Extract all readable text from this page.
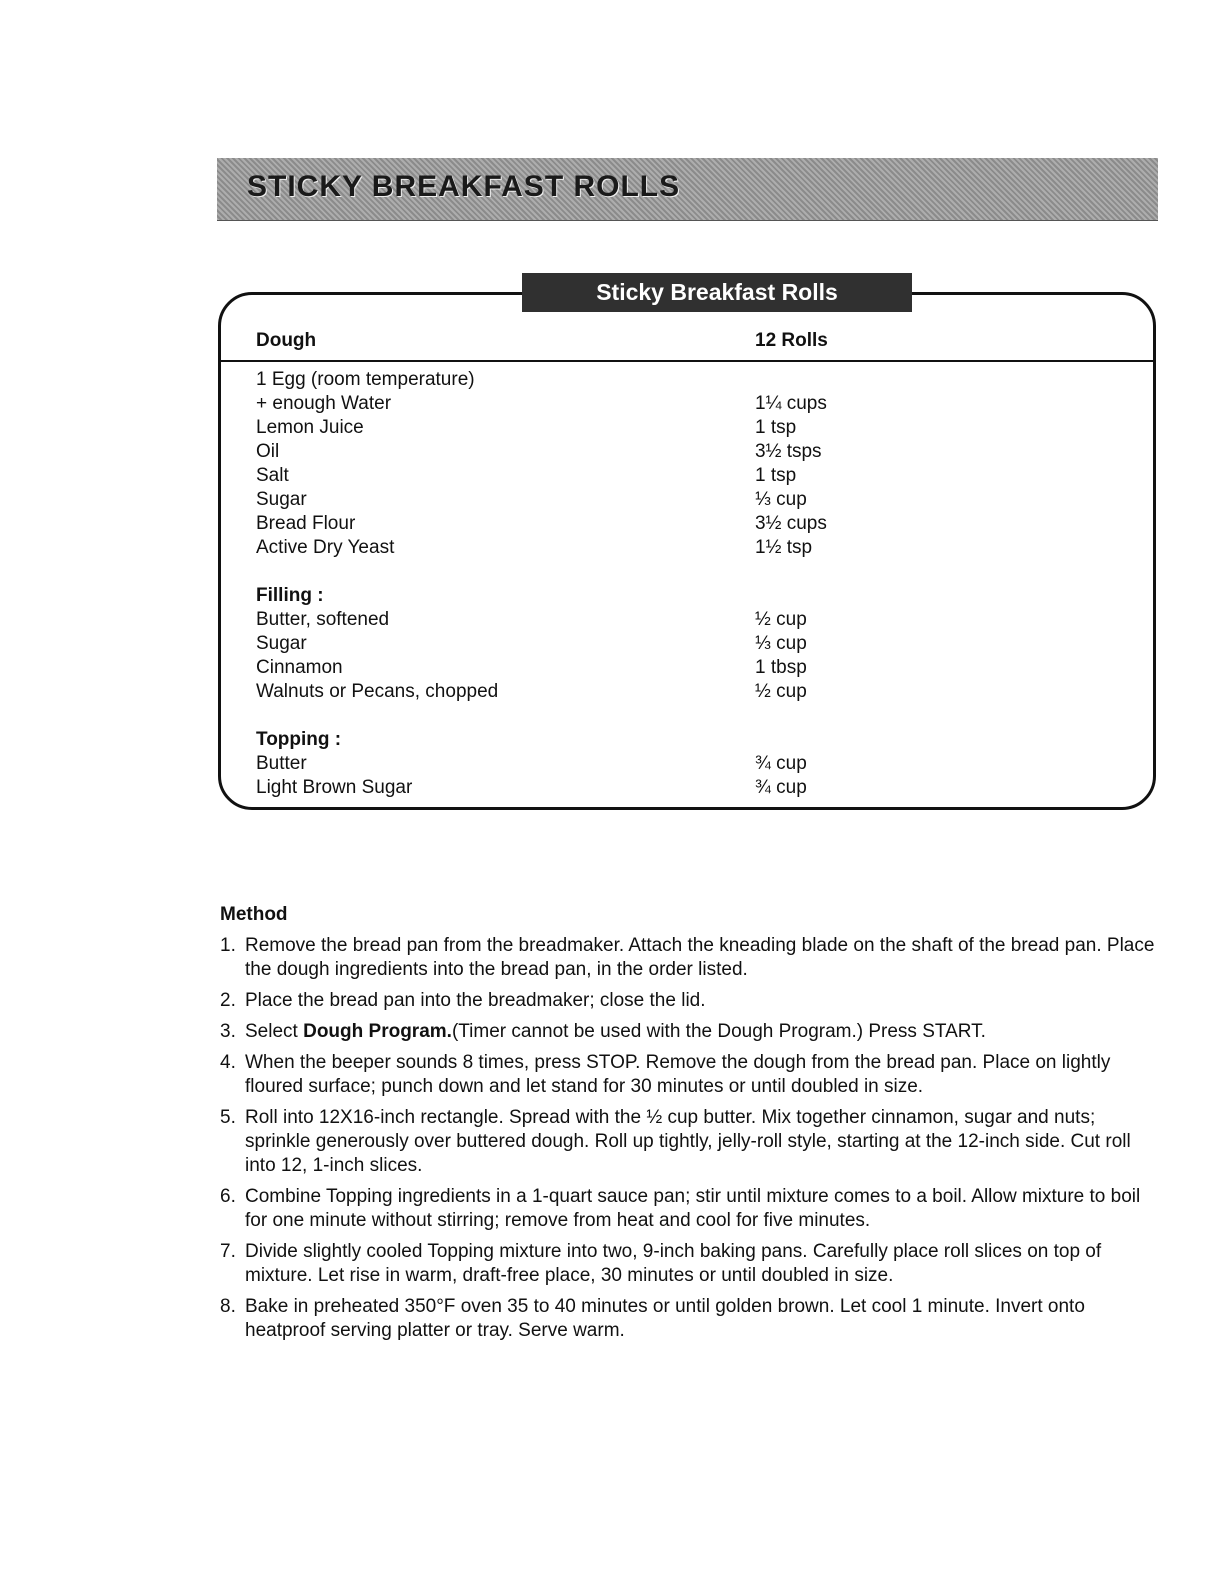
STICKY BREAKFAST ROLLS
Sticky Breakfast Rolls
Dough	12 Rolls
1 Egg (room temperature)
+ enough Water	1¼ cups
Lemon Juice	1 tsp
Oil	3½ tsps
Salt	1 tsp
Sugar	⅓ cup
Bread Flour	3½ cups
Active Dry Yeast	1½ tsp
Filling :
Butter, softened	½ cup
Sugar	⅓ cup
Cinnamon	1 tbsp
Walnuts or Pecans, chopped	½ cup
Topping :
Butter	¾ cup
Light Brown Sugar	¾ cup
Method
1. Remove the bread pan from the breadmaker. Attach the kneading blade on the shaft of the bread pan. Place the dough ingredients into the bread pan, in the order listed.
2. Place the bread pan into the breadmaker; close the lid.
3. Select Dough Program.(Timer cannot be used with the Dough Program.) Press START.
4. When the beeper sounds 8 times, press STOP. Remove the dough from the bread pan. Place on lightly floured surface; punch down and let stand for 30 minutes or until doubled in size.
5. Roll into 12X16-inch rectangle. Spread with the ½ cup butter. Mix together cinnamon, sugar and nuts; sprinkle generously over buttered dough. Roll up tightly, jelly-roll style, starting at the 12-inch side. Cut roll into 12, 1-inch slices.
6. Combine Topping ingredients in a 1-quart sauce pan; stir until mixture comes to a boil. Allow mixture to boil for one minute without stirring; remove from heat and cool for five minutes.
7. Divide slightly cooled Topping mixture into two, 9-inch baking pans. Carefully place roll slices on top of mixture. Let rise in warm, draft-free place, 30 minutes or until doubled in size.
8. Bake in preheated 350°F oven 35 to 40 minutes or until golden brown. Let cool 1 minute. Invert onto heatproof serving platter or tray. Serve warm.
